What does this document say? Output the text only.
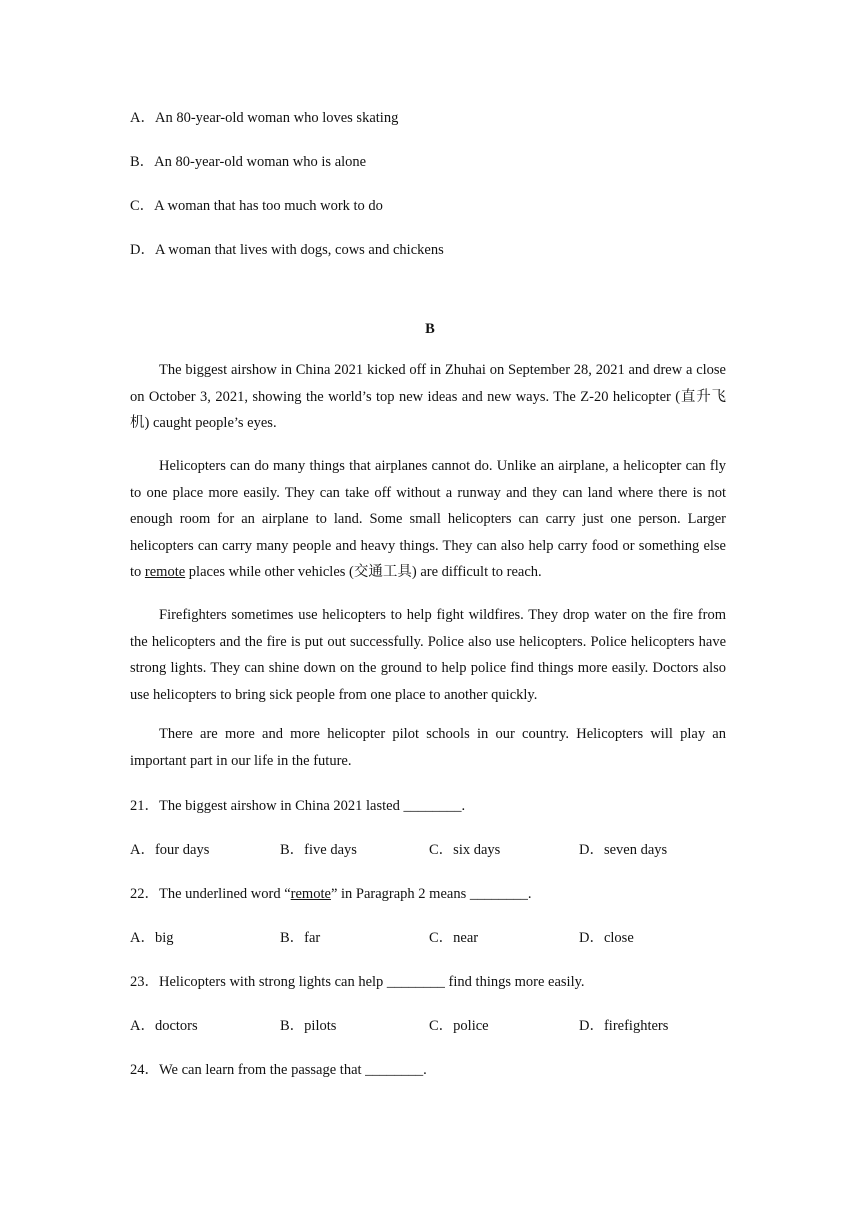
A．An 80-year-old woman who loves skating
B．An 80-year-old woman who is alone
C．A woman that has too much work to do
D．A woman that lives with dogs, cows and chickens
B
The biggest airshow in China 2021 kicked off in Zhuhai on September 28, 2021 and drew a close on October 3, 2021, showing the world’s top new ideas and new ways. The Z-20 helicopter (直升飞机) caught people’s eyes.
Helicopters can do many things that airplanes cannot do. Unlike an airplane, a helicopter can fly to one place more easily. They can take off without a runway and they can land where there is not enough room for an airplane to land. Some small helicopters can carry just one person. Larger helicopters can carry many people and heavy things. They can also help carry food or something else to remote places while other vehicles (交通工具) are difficult to reach.
Firefighters sometimes use helicopters to help fight wildfires. They drop water on the fire from the helicopters and the fire is put out successfully. Police also use helicopters. Police helicopters have strong lights. They can shine down on the ground to help police find things more easily. Doctors also use helicopters to bring sick people from one place to another quickly.
There are more and more helicopter pilot schools in our country. Helicopters will play an important part in our life in the future.
21．The biggest airshow in China 2021 lasted ________.
A．four days	B．five days	C．six days	D．seven days
22．The underlined word “remote” in Paragraph 2 means ________.
A．big	B．far	C．near	D．close
23．Helicopters with strong lights can help ________ find things more easily.
A．doctors	B．pilots	C．police	D．firefighters
24．We can learn from the passage that ________.
